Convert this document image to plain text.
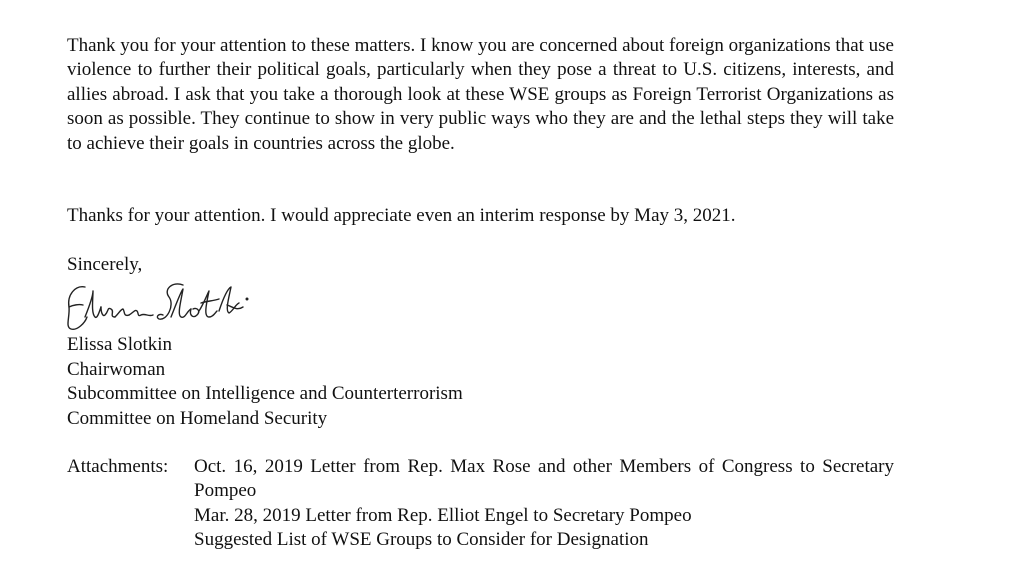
Thank you for your attention to these matters. I know you are concerned about foreign organizations that use violence to further their political goals, particularly when they pose a threat to U.S. citizens, interests, and allies abroad. I ask that you take a thorough look at these WSE groups as Foreign Terrorist Organizations as soon as possible. They continue to show in very public ways who they are and the lethal steps they will take to achieve their goals in countries across the globe.

Thanks for your attention. I would appreciate even an interim response by May 3, 2021.

Sincerely,

Elissa Slotkin
Chairwoman
Subcommittee on Intelligence and Counterterrorism
Committee on Homeland Security
Attachments:	Oct. 16, 2019 Letter from Rep. Max Rose and other Members of Congress to Secretary Pompeo
Mar. 28, 2019 Letter from Rep. Elliot Engel to Secretary Pompeo
Suggested List of WSE Groups to Consider for Designation
